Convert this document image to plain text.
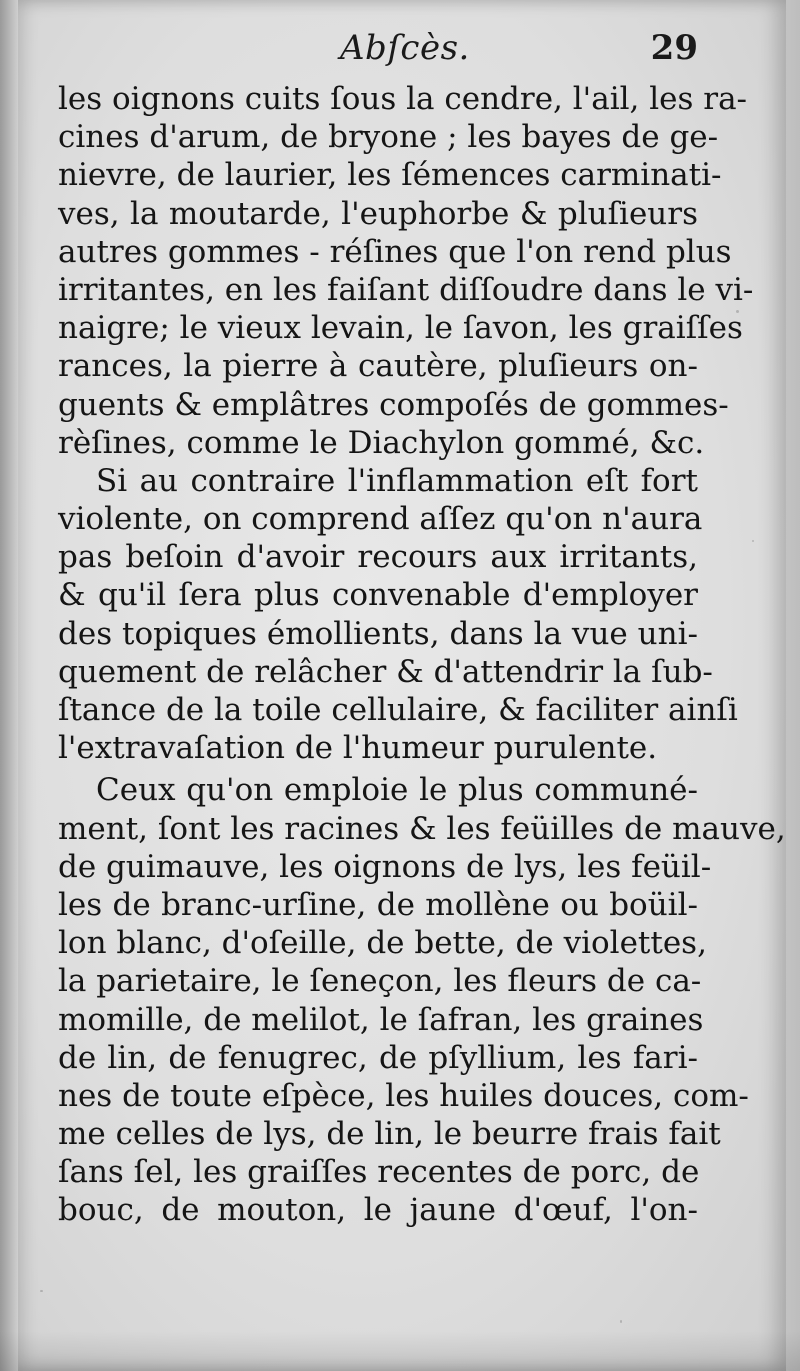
Abſcès.	29
les oignons cuits ſous la cendre, l'ail, les ra-
cines d'arum, de bryone ; les bayes de ge-
nievre, de laurier, les ſémences carminati-
ves, la moutarde, l'euphorbe & pluſieurs
autres gommes - réſines que l'on rend plus
irritantes, en les faiſant diſſoudre dans le vi-
naigre; le vieux levain, le ſavon, les graiſſes
rances, la pierre à cautère, pluſieurs on-
guents & emplâtres compoſés de gommes-
rèſines, comme le Diachylon gommé, &c.
Si au contraire l'inflammation eſt fort
violente, on comprend aſſez qu'on n'aura
pas beſoin d'avoir recours aux irritants,
& qu'il ſera plus convenable d'employer
des topiques émollients, dans la vue uni-
quement de relâcher & d'attendrir la ſub-
ſtance de la toile cellulaire, & faciliter ainſi
l'extravaſation de l'humeur purulente.
Ceux qu'on emploie le plus communé-
ment, ſont les racines & les feüilles de mauve,
de guimauve, les oignons de lys, les feüil-
les de branc-urſine, de mollène ou boüil-
lon blanc, d'oſeille, de bette, de violettes,
la parietaire, le ſeneçon, les fleurs de ca-
momille, de melilot, le ſafran, les graines
de lin, de fenugrec, de pſyllium, les fari-
nes de toute eſpèce, les huiles douces, com-
me celles de lys, de lin, le beurre frais fait
ſans ſel, les graiſſes recentes de porc, de
bouc, de mouton, le jaune d'œuf, l'on-
